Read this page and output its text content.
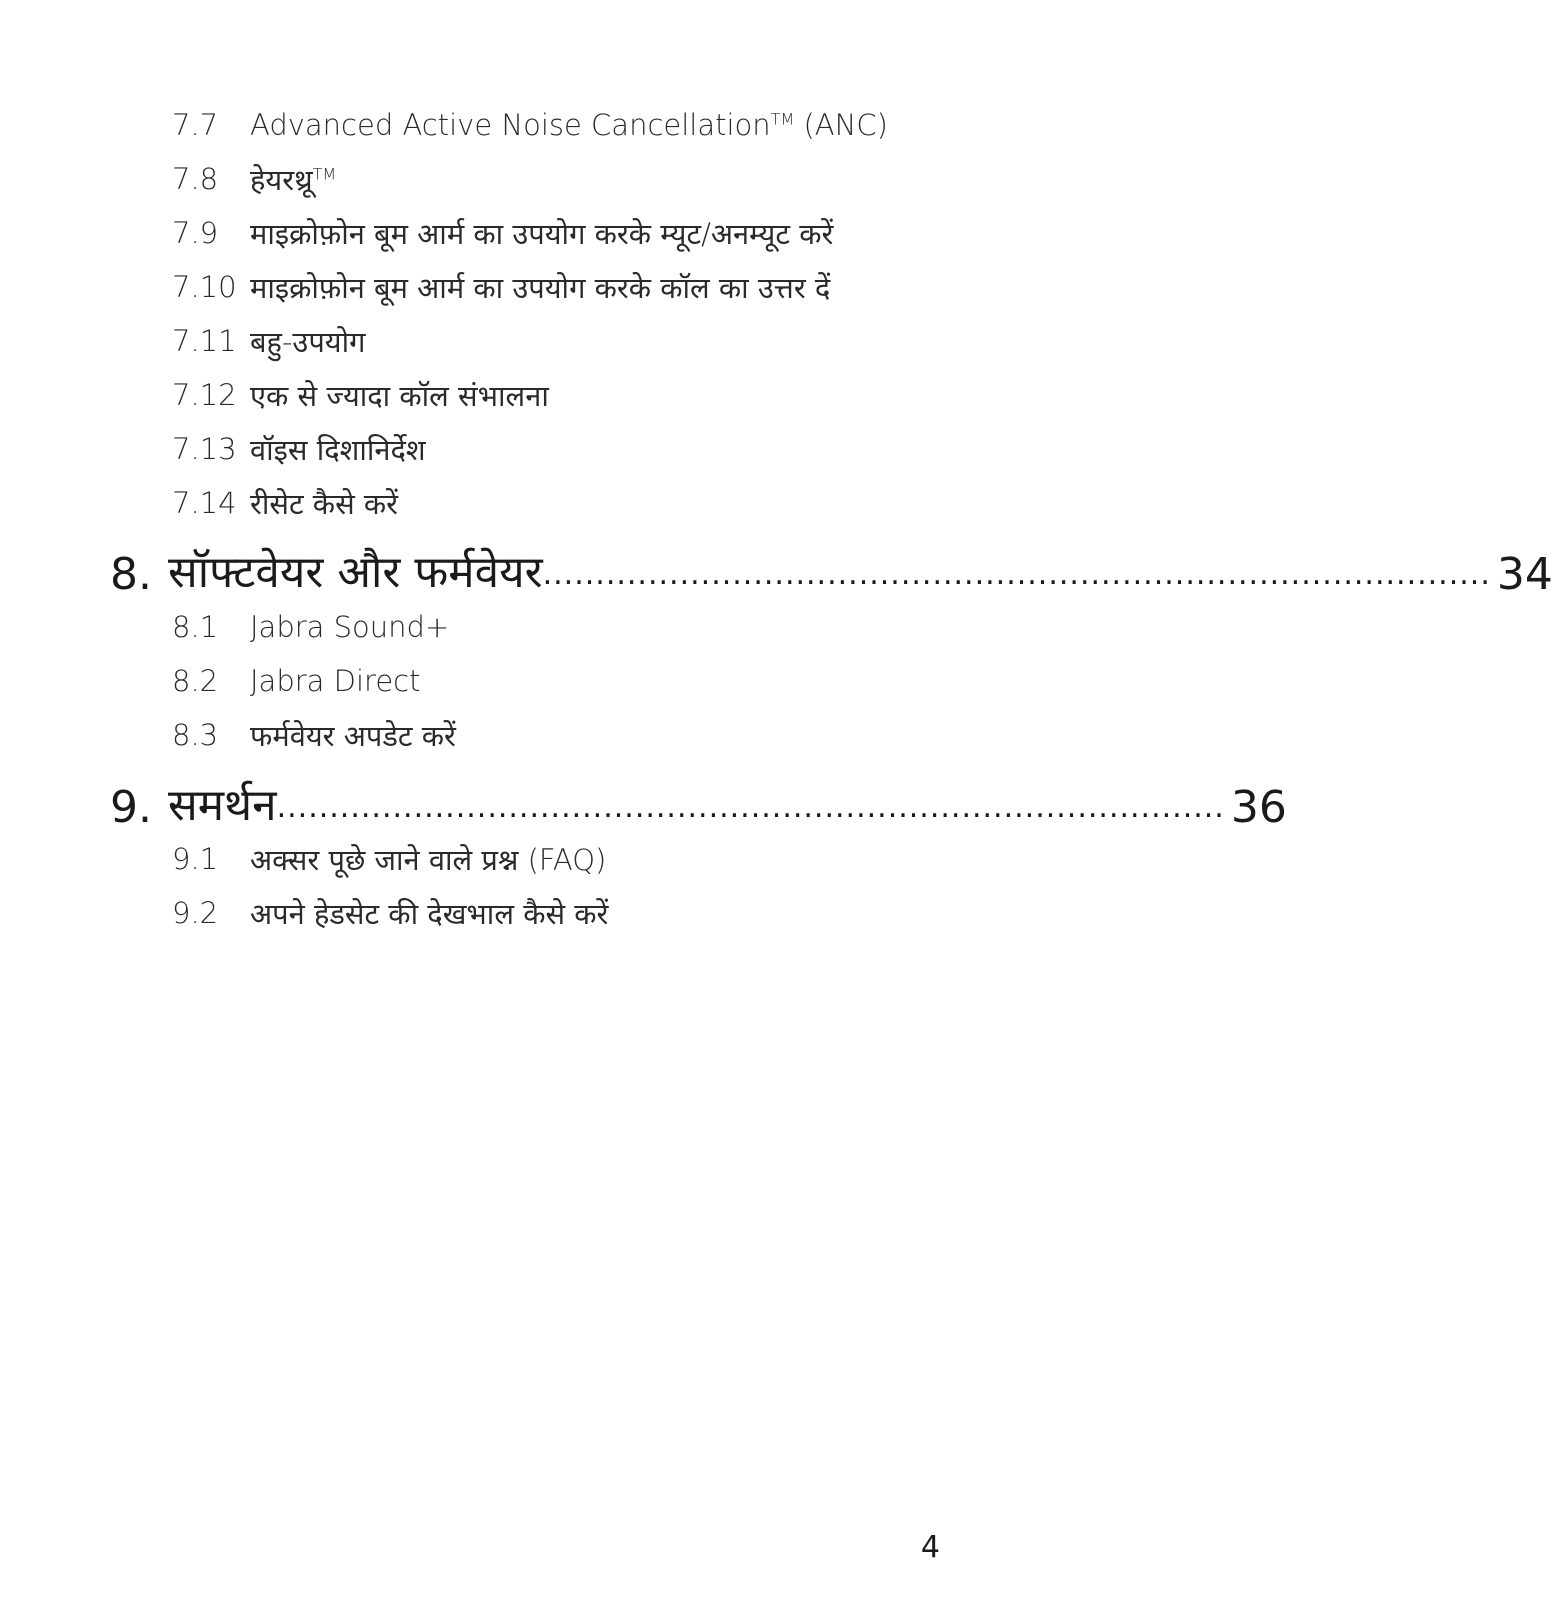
7.7	Advanced Active Noise Cancellation™ (ANC)
7.8	हेयरथ्रू™
7.9	माइक्रोफ़ोन बूम आर्म का उपयोग करके म्यूट/अनम्यूट करें
7.10 माइक्रोफ़ोन बूम आर्म का उपयोग करके कॉल का उत्तर दें
7.11 बहु-उपयोग
7.12 एक से ज्यादा कॉल संभालना
7.13 वॉइस दिशानिर्देश
7.14 रीसेट कैसे करें
8. सॉफ्टवेयर और फर्मवेयर .......................................................................................... 34
8.1	Jabra Sound+
8.2	Jabra Direct
8.3	फर्मवेयर अपडेट करें
9. समर्थन .......................................................................................... 36
9.1	अक्सर पूछे जाने वाले प्रश्न (FAQ)
9.2	अपने हेडसेट की देखभाल कैसे करें
4
